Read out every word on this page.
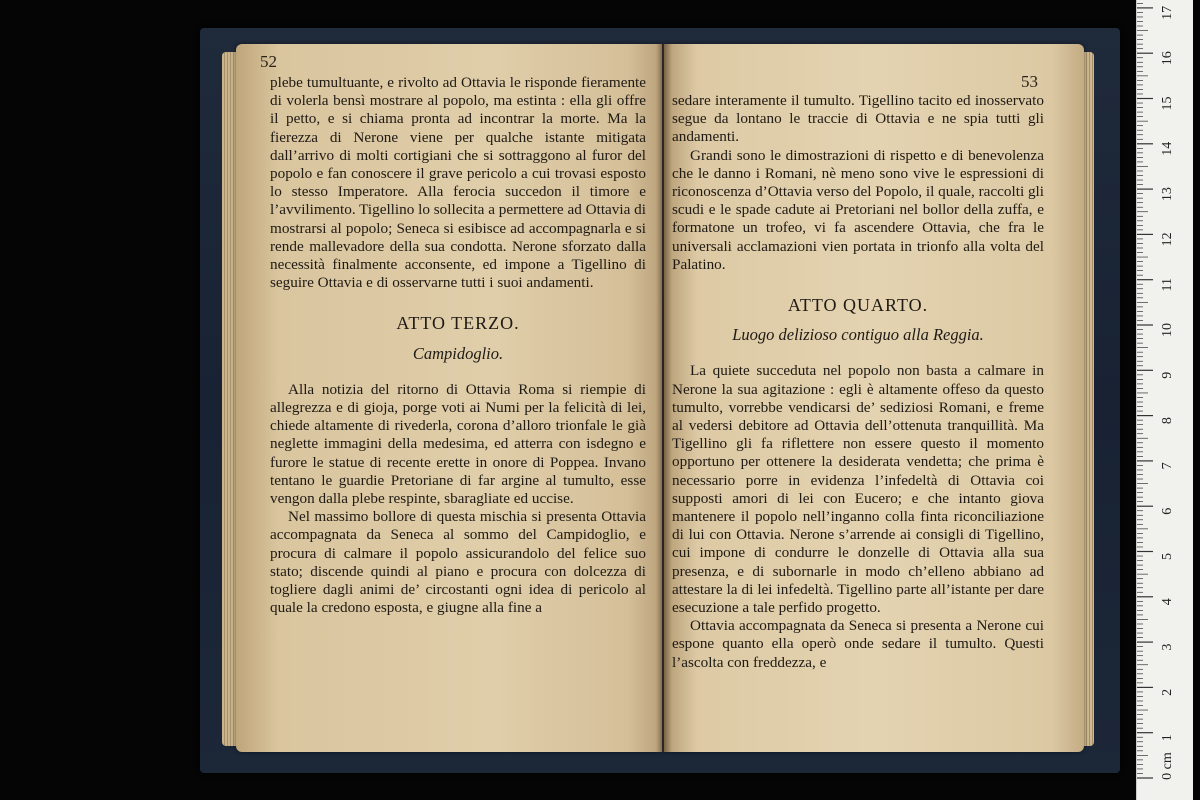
52

plebe tumultuante, e rivolto ad Ottavia le risponde fieramente di volerla bensì mostrare al popolo, ma estinta : ella gli offre il petto, e si chiama pronta ad incontrar la morte. Ma la fierezza di Nerone viene per qualche istante mitigata dall’arrivo di molti cortigiani che si sottraggono al furor del popolo e fan conoscere il grave pericolo a cui trovasi esposto lo stesso Imperatore. Alla ferocia succedon il timore e l’avvilimento. Tigellino lo sollecita a permettere ad Ottavia di mostrarsi al popolo; Seneca si esibisce ad accompagnarla e si rende mallevadore della sua condotta. Nerone sforzato dalla necessità finalmente acconsente, ed impone a Tigellino di seguire Ottavia e di osservarne tutti i suoi andamenti.

ATTO TERZO.
Campidoglio.

Alla notizia del ritorno di Ottavia Roma si riempie di allegrezza e di gioja, porge voti ai Numi per la felicità di lei, chiede altamente di rivederla, corona d’alloro trionfale le già neglette immagini della medesima, ed atterra con isdegno e furore le statue di recente erette in onore di Poppea. Invano tentano le guardie Pretoriane di far argine al tumulto, esse vengon dalla plebe respinte, sbaragliate ed uccise.

Nel massimo bollore di questa mischia si presenta Ottavia accompagnata da Seneca al sommo del Campidoglio, e procura di calmare il popolo assicurandolo del felice suo stato; discende quindi al piano e procura con dolcezza di togliere dagli animi de’ circostanti ogni idea di pericolo al quale la credono esposta, e giugne alla fine a

53

sedare interamente il tumulto. Tigellino tacito ed inosservato segue da lontano le traccie di Ottavia e ne spia tutti gli andamenti.

Grandi sono le dimostrazioni di rispetto e di benevolenza che le danno i Romani, nè meno sono vive le espressioni di riconoscenza d’Ottavia verso del Popolo, il quale, raccolti gli scudi e le spade cadute ai Pretoriani nel bollor della zuffa, e formatone un trofeo, vi fa ascendere Ottavia, che fra le universali acclamazioni vien portata in trionfo alla volta del Palatino.

ATTO QUARTO.
Luogo delizioso contiguo alla Reggia.

La quiete succeduta nel popolo non basta a calmare in Nerone la sua agitazione : egli è altamente offeso da questo tumulto, vorrebbe vendicarsi de’ sediziosi Romani, e freme al vedersi debitore ad Ottavia dell’ottenuta tranquillità. Ma Tigellino gli fa riflettere non essere questo il momento opportuno per ottenere la desiderata vendetta; che prima è necessario porre in evidenza l’infedeltà di Ottavia coi supposti amori di lei con Eucero; e che intanto giova mantenere il popolo nell’inganno colla finta riconciliazione di lui con Ottavia. Nerone s’arrende ai consigli di Tigellino, cui impone di condurre le donzelle di Ottavia alla sua presenza, e di subornarle in modo ch’elleno abbiano ad attestare la di lei infedeltà. Tigellino parte all’istante per dare esecuzione a tale perfido progetto.

Ottavia accompagnata da Seneca si presenta a Nerone cui espone quanto ella operò onde sedare il tumulto. Questi l’ascolta con freddezza, e

0 cm
1
2
3
4
5
6
7
8
9
10
11
12
13
14
15
16
17
